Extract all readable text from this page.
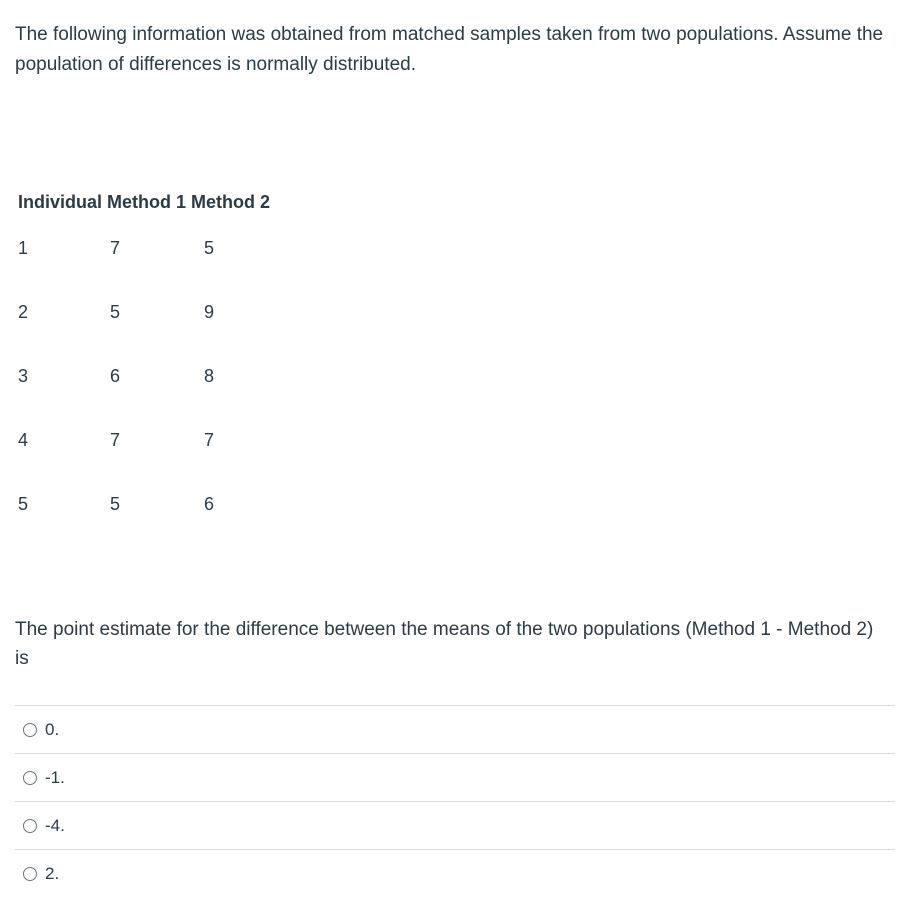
The following information was obtained from matched samples taken from two populations. Assume the population of differences is normally distributed.

Individual Method 1 Method 2		
1	7	5
2	5	9
3	6	8
4	7	7
5	5	6

The point estimate for the difference between the means of the two populations (Method 1 - Method 2) is

0.
-1.
-4.
2.
